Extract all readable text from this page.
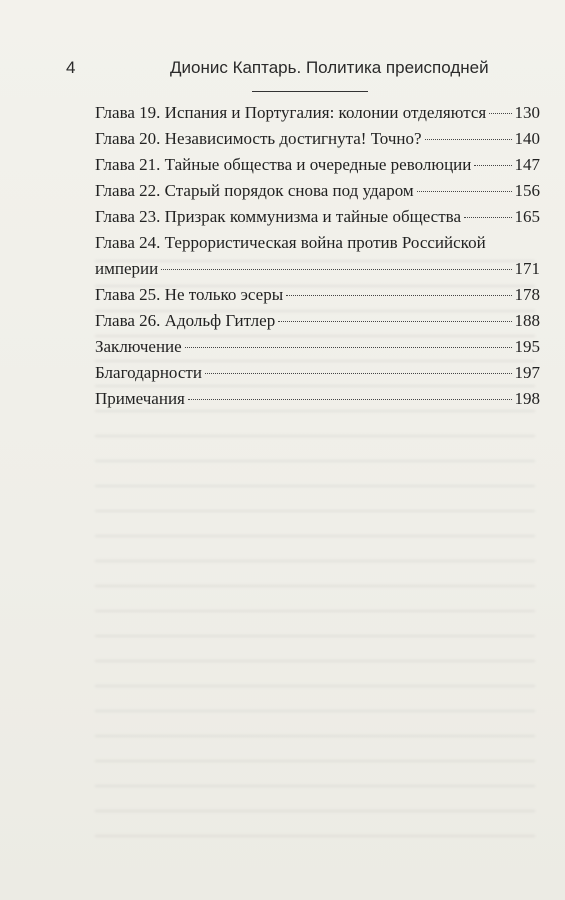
4	Дионис Каптарь. Политика преисподней
Глава 19. Испания и Португалия: колонии отделяются 130
Глава 20. Независимость достигнута! Точно?	140
Глава 21. Тайные общества и очередные революции	147
Глава 22. Старый порядок снова под ударом	156
Глава 23. Призрак коммунизма и тайные общества	165
Глава 24. Террористическая война против Российской
империи	171
Глава 25. Не только эсеры	178
Глава 26. Адольф Гитлер	188
Заключение	195
Благодарности	197
Примечания	198
